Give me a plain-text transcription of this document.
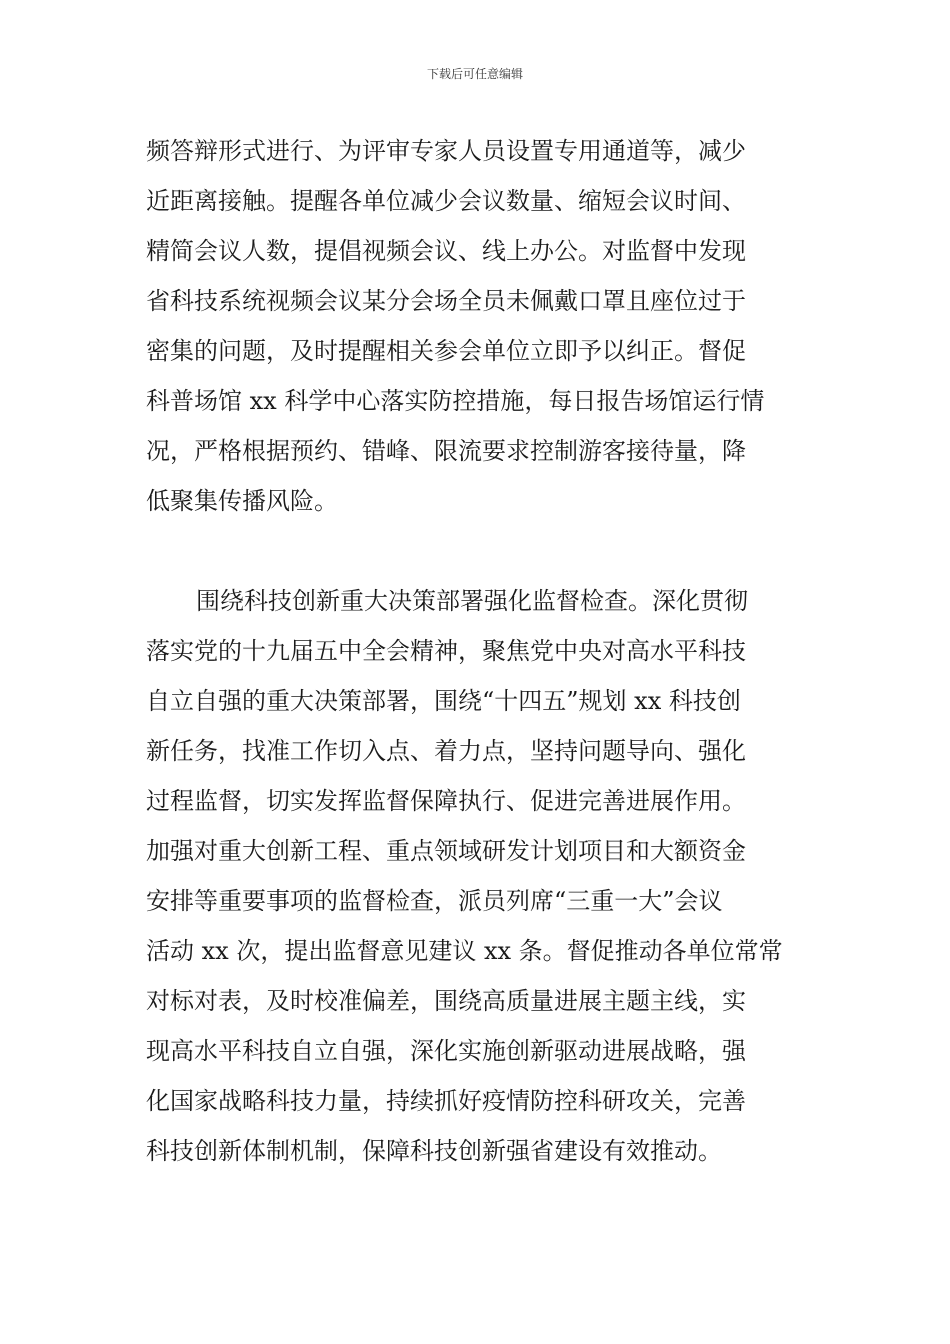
下载后可任意编辑
频答辩形式进行、为评审专家人员设置专用通道等，减少
近距离接触。提醒各单位减少会议数量、缩短会议时间、
精简会议人数，提倡视频会议、线上办公。对监督中发现
省科技系统视频会议某分会场全员未佩戴口罩且座位过于
密集的问题，及时提醒相关参会单位立即予以纠正。督促
科普场馆 xx 科学中心落实防控措施，每日报告场馆运行情
况，严格根据预约、错峰、限流要求控制游客接待量，降
低聚集传播风险。
围绕科技创新重大决策部署强化监督检查。深化贯彻
落实党的十九届五中全会精神，聚焦党中央对高水平科技
自立自强的重大决策部署，围绕“十四五”规划 xx 科技创
新任务，找准工作切入点、着力点，坚持问题导向、强化
过程监督，切实发挥监督保障执行、促进完善进展作用。
加强对重大创新工程、重点领域研发计划项目和大额资金
安排等重要事项的监督检查，派员列席“三重一大”会议
活动 xx 次，提出监督意见建议 xx 条。督促推动各单位常常
对标对表，及时校准偏差，围绕高质量进展主题主线，实
现高水平科技自立自强，深化实施创新驱动进展战略，强
化国家战略科技力量，持续抓好疫情防控科研攻关，完善
科技创新体制机制，保障科技创新强省建设有效推动。
